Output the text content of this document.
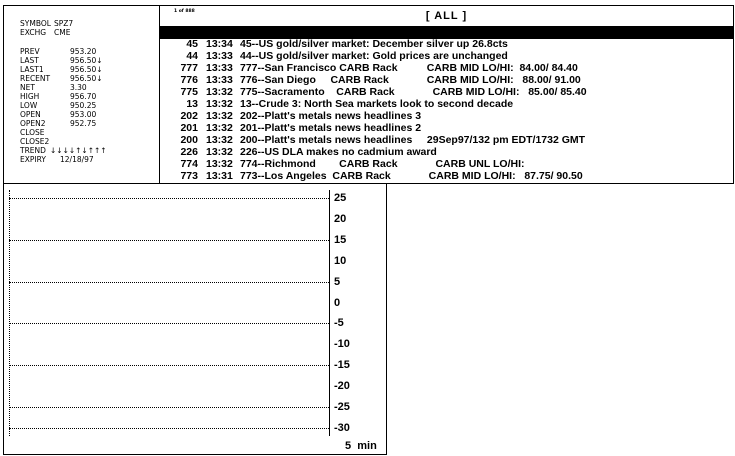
SYMBOL SPZ7
EXCHG CME
PREV	953.20
LAST	956.50↓
LAST1	956.50↓
RECENT	956.50↓
NET	3.30
HIGH	956.70
LOW	950.25
OPEN	953.00
OPEN2	952.75
CLOSE
CLOSE2
TREND ↓↓↓↓↑↓↑↑↑
EXPIRY 12/18/97
1 of 888	[ ALL ]
45 13:34 45--US gold/silver market: December silver up 26.8cts
44 13:33 44--US gold/silver market: Gold prices are unchanged
777 13:33 777--San Francisco CARB Rack          CARB MID LO/HI:  84.00/ 84.40
776 13:33 776--San Diego     CARB Rack             CARB MID LO/HI:   88.00/ 91.00
775 13:32 775--Sacramento    CARB Rack             CARB MID LO/HI:   85.00/ 85.40
13 13:32 13--Crude 3: North Sea markets look to second decade
202 13:32 202--Platt's metals news headlines 3
201 13:32 201--Platt's metals news headlines 2
200 13:32 200--Platt's metals news headlines     29Sep97/132 pm EDT/1732 GMT
226 13:32 226--US DLA makes no cadmium award
774 13:32 774--Richmond        CARB Rack             CARB UNL LO/HI:
773 13:31 773--Los Angeles  CARB Rack             CARB MID LO/HI:   87.75/ 90.50
25
20
15
10
5
0
-5
-10
-15
-20
-25
-30
5  min
